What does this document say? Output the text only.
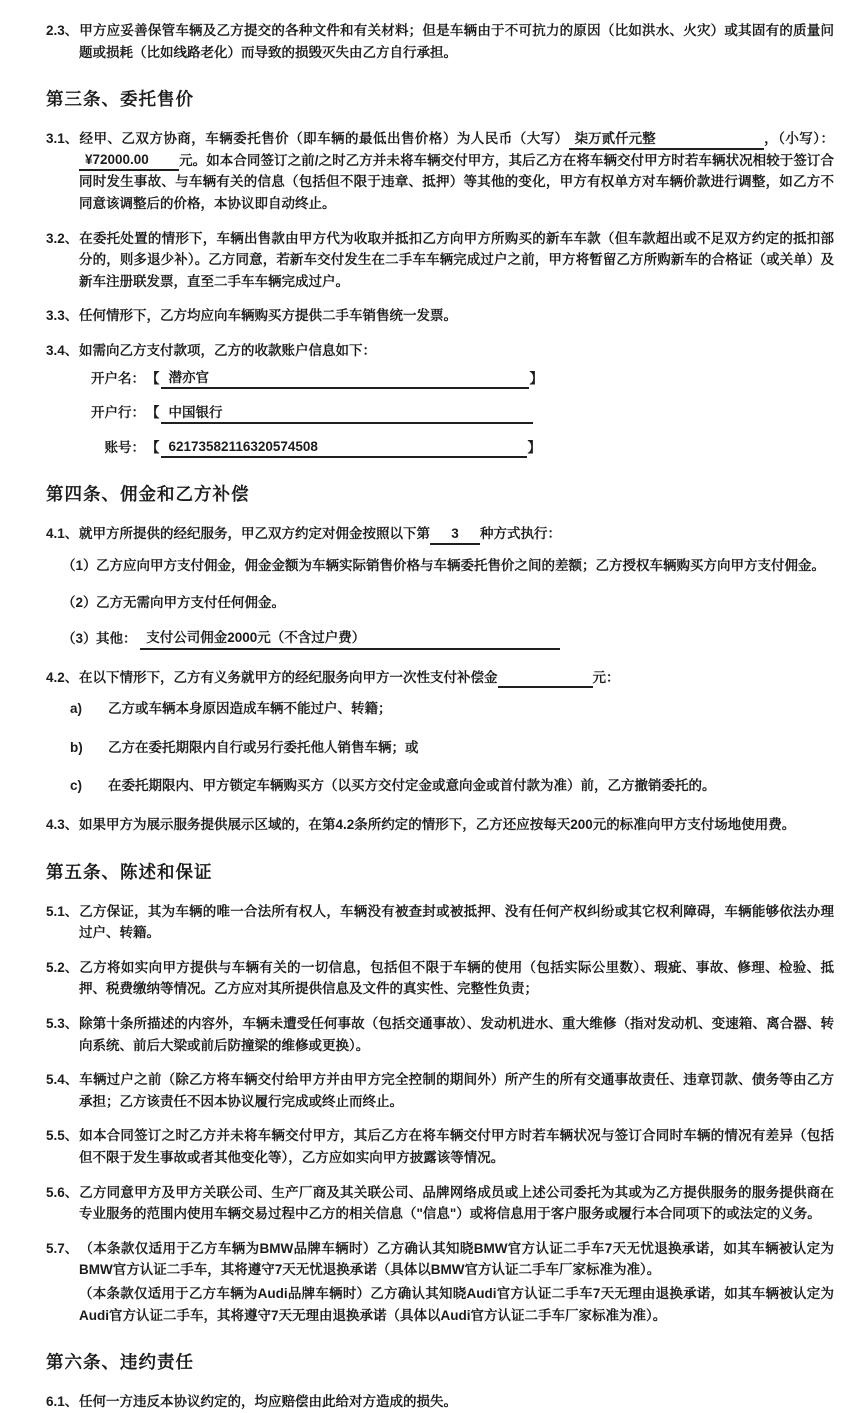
2.3、甲方应妥善保管车辆及乙方提交的各种文件和有关材料；但是车辆由于不可抗力的原因（比如洪水、火灾）或其固有的质量问题或损耗（比如线路老化）而导致的损毁灭失由乙方自行承担。

第三条、委托售价

3.1、经甲、乙双方协商，车辆委托售价（即车辆的最低出售价格）为人民币（大写） 柒万贰仟元整	，（小写）： ¥72000.00 元。如本合同签订之前/之时乙方并未将车辆交付甲方，其后乙方在将车辆交付甲方时若车辆状况相较于签订合同时发生事故、与车辆有关的信息（包括但不限于违章、抵押）等其他的变化，甲方有权单方对车辆价款进行调整，如乙方不同意该调整后的价格，本协议即自动终止。

3.2、在委托处置的情形下，车辆出售款由甲方代为收取并抵扣乙方向甲方所购买的新车车款（但车款超出或不足双方约定的抵扣部分的，则多退少补）。乙方同意，若新车交付发生在二手车车辆完成过户之前，甲方将暂留乙方所购新车的合格证（或关单）及新车注册联发票，直至二手车车辆完成过户。

3.3、任何情形下，乙方均应向车辆购买方提供二手车销售统一发票。

3.4、如需向乙方支付款项，乙方的收款账户信息如下：

开户名：【 潜亦官	】
开户行：【 中国银行
账号：【 62173582116320574508	】
第四条、佣金和乙方补偿

4.1、就甲方所提供的经纪服务，甲乙双方约定对佣金按照以下第 3 种方式执行：

（1）乙方应向甲方支付佣金，佣金金额为车辆实际销售价格与车辆委托售价之间的差额；乙方授权车辆购买方向甲方支付佣金。

（2）乙方无需向甲方支付任何佣金。

（3）其他： 支付公司佣金2000元（不含过户费）

4.2、在以下情形下，乙方有义务就甲方的经纪服务向甲方一次性支付补偿金	元：

a) 乙方或车辆本身原因造成车辆不能过户、转籍；

b) 乙方在委托期限内自行或另行委托他人销售车辆；或

c) 在委托期限内、甲方锁定车辆购买方（以买方交付定金或意向金或首付款为准）前，乙方撤销委托的。

4.3、如果甲方为展示服务提供展示区域的，在第4.2条所约定的情形下，乙方还应按每天200元的标准向甲方支付场地使用费。

第五条、陈述和保证

5.1、乙方保证，其为车辆的唯一合法所有权人，车辆没有被查封或被抵押、没有任何产权纠纷或其它权利障碍，车辆能够依法办理过户、转籍。

5.2、乙方将如实向甲方提供与车辆有关的一切信息，包括但不限于车辆的使用（包括实际公里数）、瑕疵、事故、修理、检验、抵押、税费缴纳等情况。乙方应对其所提供信息及文件的真实性、完整性负责；

5.3、除第十条所描述的内容外，车辆未遭受任何事故（包括交通事故）、发动机进水、重大维修（指对发动机、变速箱、离合器、转向系统、前后大梁或前后防撞梁的维修或更换）。

5.4、车辆过户之前（除乙方将车辆交付给甲方并由甲方完全控制的期间外）所产生的所有交通事故责任、违章罚款、债务等由乙方承担；乙方该责任不因本协议履行完成或终止而终止。

5.5、如本合同签订之时乙方并未将车辆交付甲方，其后乙方在将车辆交付甲方时若车辆状况与签订合同时车辆的情况有差异（包括但不限于发生事故或者其他变化等），乙方应如实向甲方披露该等情况。

5.6、乙方同意甲方及甲方关联公司、生产厂商及其关联公司、品牌网络成员或上述公司委托为其或为乙方提供服务的服务提供商在专业服务的范围内使用车辆交易过程中乙方的相关信息（"信息"）或将信息用于客户服务或履行本合同项下的或法定的义务。

5.7、（本条款仅适用于乙方车辆为BMW品牌车辆时）乙方确认其知晓BMW官方认证二手车7天无忧退换承诺，如其车辆被认定为BMW官方认证二手车，其将遵守7天无忧退换承诺（具体以BMW官方认证二手车厂家标准为准）。
（本条款仅适用于乙方车辆为Audi品牌车辆时）乙方确认其知晓Audi官方认证二手车7天无理由退换承诺，如其车辆被认定为Audi官方认证二手车，其将遵守7天无理由退换承诺（具体以Audi官方认证二手车厂家标准为准）。
第六条、违约责任

6.1、任何一方违反本协议约定的，均应赔偿由此给对方造成的损失。
